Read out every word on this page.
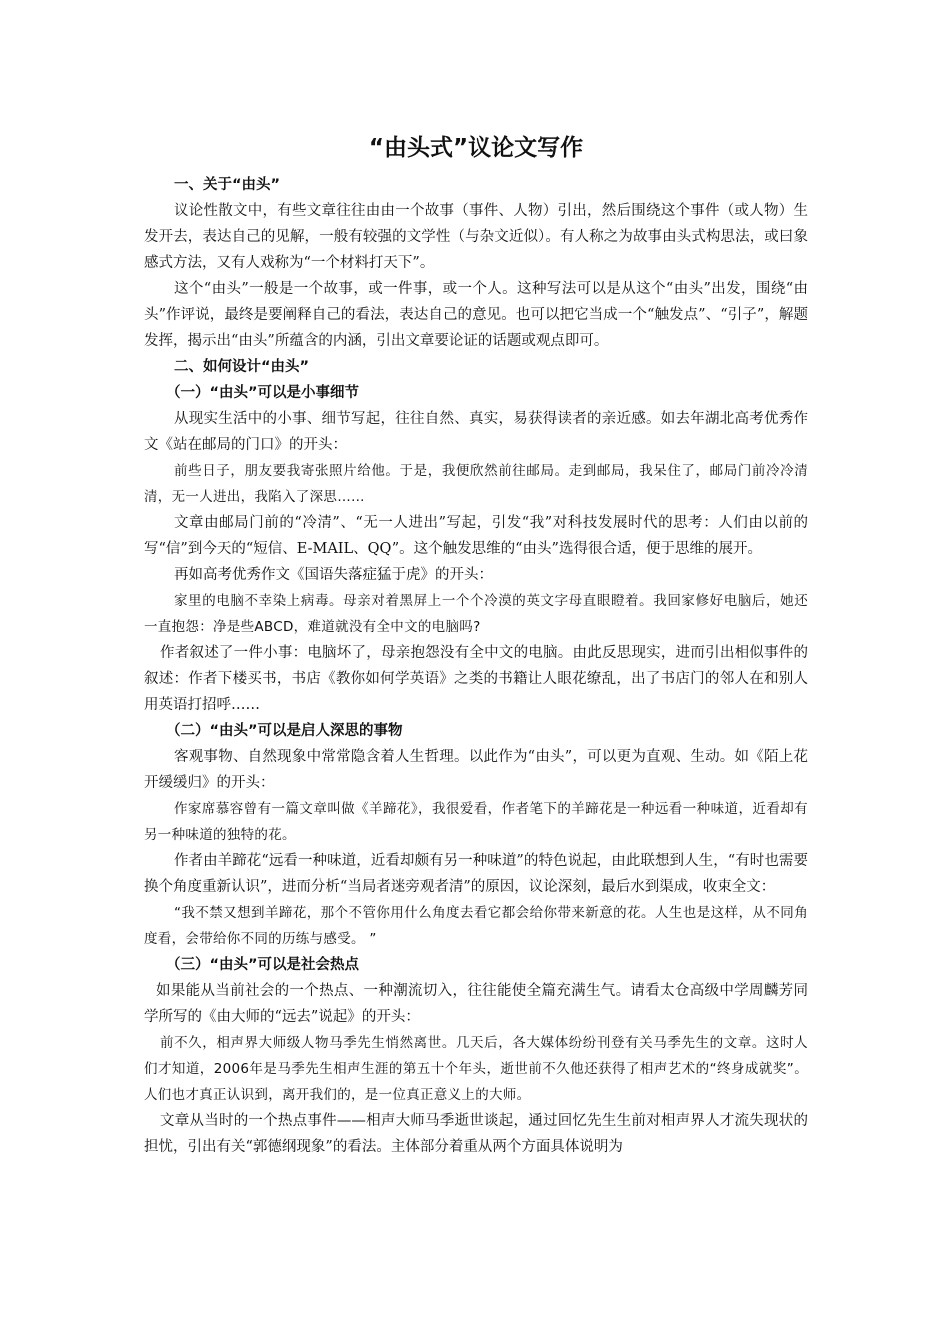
“由头式”议论文写作
一、关于“由头”

议论性散文中，有些文章往往由由一个故事（事件、人物）引出，然后围绕这个事件（或人物）生发开去，表达自己的见解，一般有较强的文学性（与杂文近似）。有人称之为故事由头式构思法，或曰象感式方法，又有人戏称为“一个材料打天下”。

这个“由头”一般是一个故事，或一件事，或一个人。这种写法可以是从这个“由头”出发，围绕“由头”作评说，最终是要阐释自己的看法，表达自己的意见。也可以把它当成一个“触发点”、“引子”，解题发挥，揭示出“由头”所蕴含的内涵，引出文章要论证的话题或观点即可。

二、如何设计“由头”
（一）“由头”可以是小事细节

从现实生活中的小事、细节写起，往往自然、真实，易获得读者的亲近感。如去年湖北高考优秀作文《站在邮局的门口》的开头：

前些日子，朋友要我寄张照片给他。于是，我便欣然前往邮局。走到邮局，我呆住了，邮局门前冷冷清清，无一人进出，我陷入了深思……

文章由邮局门前的“冷清”、“无一人进出”写起，引发“我”对科技发展时代的思考：人们由以前的写“信”到今天的“短信、E-MAIL、QQ”。这个触发思维的“由头”选得很合适，便于思维的展开。

再如高考优秀作文《国语失落症猛于虎》的开头：

家里的电脑不幸染上病毒。母亲对着黑屏上一个个冷漠的英文字母直眼瞪着。我回家修好电脑后，她还一直抱怨：净是些ABCD，难道就没有全中文的电脑吗?

作者叙述了一件小事：电脑坏了，母亲抱怨没有全中文的电脑。由此反思现实，进而引出相似事件的叙述：作者下楼买书，书店《教你如何学英语》之类的书籍让人眼花缭乱，出了书店门的邻人在和别人用英语打招呼……

（二）“由头”可以是启人深思的事物

客观事物、自然现象中常常隐含着人生哲理。以此作为“由头”，可以更为直观、生动。如《陌上花开缓缓归》的开头：

作家席慕容曾有一篇文章叫做《羊蹄花》，我很爱看，作者笔下的羊蹄花是一种远看一种味道，近看却有另一种味道的独特的花。

作者由羊蹄花“远看一种味道，近看却颇有另一种味道”的特色说起，由此联想到人生，“有时也需要换个角度重新认识”，进而分析“当局者迷旁观者清”的原因，议论深刻，最后水到渠成，收束全文：

“我不禁又想到羊蹄花，那个不管你用什么角度去看它都会给你带来新意的花。人生也是这样，从不同角度看，会带给你不同的历练与感受。 ”

（三）“由头”可以是社会热点

如果能从当前社会的一个热点、一种潮流切入，往往能使全篇充满生气。请看太仓高级中学周麟芳同学所写的《由大师的“远去”说起》的开头：

前不久，相声界大师级人物马季先生悄然离世。几天后，各大媒体纷纷刊登有关马季先生的文章。这时人们才知道，2006年是马季先生相声生涯的第五十个年头，逝世前不久他还获得了相声艺术的“终身成就奖”。人们也才真正认识到，离开我们的，是一位真正意义上的大师。

文章从当时的一个热点事件——相声大师马季逝世谈起，通过回忆先生生前对相声界人才流失现状的担忧，引出有关“郭德纲现象”的看法。主体部分着重从两个方面具体说明为
